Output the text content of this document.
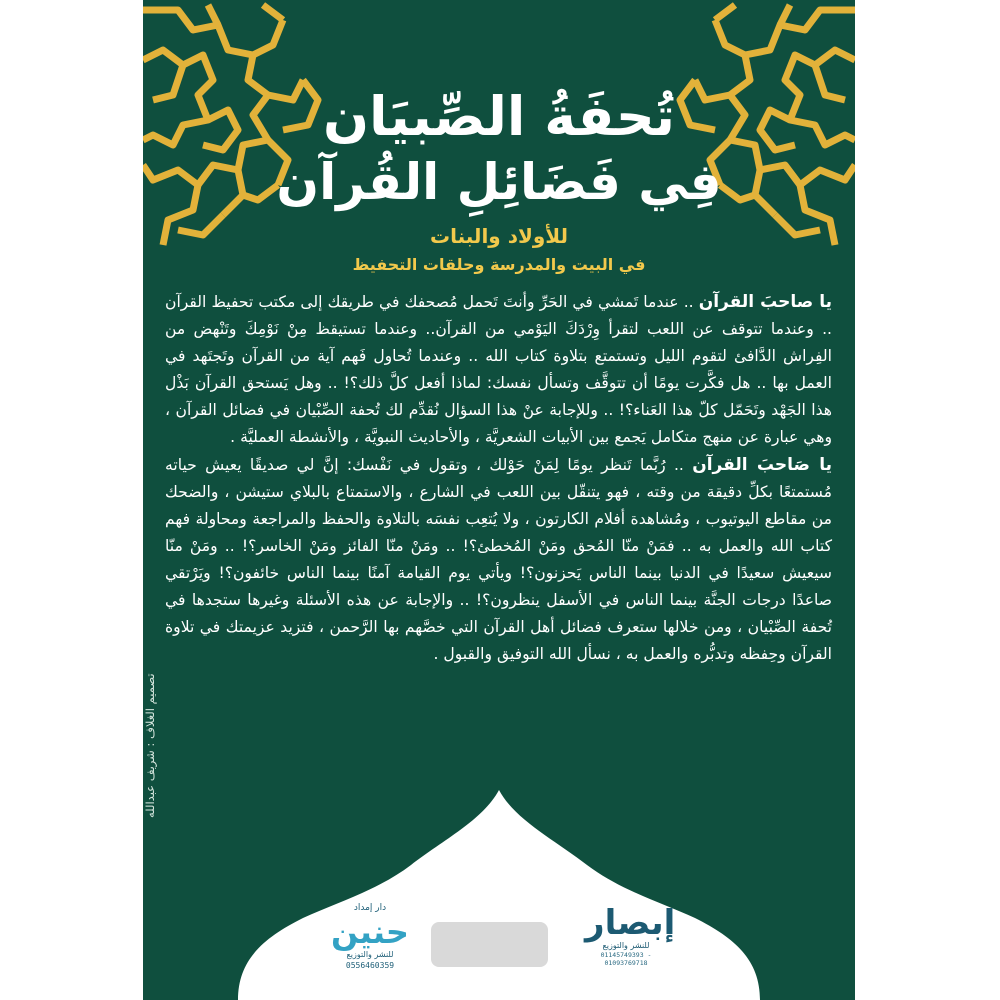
تُحفَةُ الصِّبيَان
فِي فَضَائِلِ القُرآن
للأولاد والبنات
في البيت والمدرسة وحلقات التحفيظ

يا صاحبَ القرآن .. عندما تَمشي في الحَرِّ وأنتَ تَحمل مُصحفك في طريقك إلى مكتب تحفيظ القرآن .. وعندما تتوقف عن اللعب لتقرأ وِرْدَكَ اليَوْمي من القرآن.. وعندما تستيقظ مِنْ نَوْمِكَ وتَنْهض من الفِراش الدَّافئ لتقوم الليل وتستمتع بتلاوة كتاب الله .. وعندما تُحاول فَهم آية من القرآن وتَجتَهد في العمل بها .. هل فكَّرت يومًا أن تتوقَّف وتسأل نفسك: لماذا أفعل كلَّ ذلك؟! .. وهل يَستحق القرآن بَذْل هذا الجَهْد وتَحَمّل كلّ هذا العَناء؟! .. وللإجابة عنْ هذا السؤال نُقدِّم لك تُحفة الصِّبْيان في فضائل القرآن ، وهي عبارة عن منهج متكامل يَجمع بين الأبيات الشعريَّة ، والأحاديث النبويَّة ، والأنشطة العمليَّة .

يا صَاحبَ القرآن .. رُبَّما تَنظر يومًا لِمَنْ حَوْلك ، وتقول في نَفْسك: إنَّ لي صديقًا يعيش حياته مُستمتعًا بكلِّ دقيقة من وقته ، فهو يتنقّل بين اللعب في الشارع ، والاستمتاع بالبلاي ستيشن ، والضحك من مقاطع اليوتيوب ، ومُشاهدة أفلام الكارتون ، ولا يُتعِب نفسَه بالتلاوة والحفظ والمراجعة ومحاولة فهم كتاب الله والعمل به .. فمَنْ منّا المُحق ومَنْ المُخطئ؟! .. ومَنْ منّا الفائز ومَنْ الخاسر؟! .. ومَنْ منّا سيعيش سعيدًا في الدنيا بينما الناس يَحزنون؟! ويأتي يوم القيامة آمنًا بينما الناس خائفون؟! ويَرْتقي صاعدًا درجات الجنَّة بينما الناس في الأسفل ينظرون؟! .. والإجابة عن هذه الأسئلة وغيرها ستجدها في تُحفة الصِّبْيان ، ومن خلالها ستعرف فضائل أهل القرآن التي خصَّهم بها الرَّحمن ، فتزيد عزيمتك في تلاوة القرآن وحِفظه وتدبُّره والعمل به ، نسأل الله التوفيق والقبول .

تصميم الغلاف : شريف عبدالله
دار إمداد
حنين
للنشر والتوزيع
0556460359
إبصار
للنشر والتوزيع
01145749393 - 01093769718
